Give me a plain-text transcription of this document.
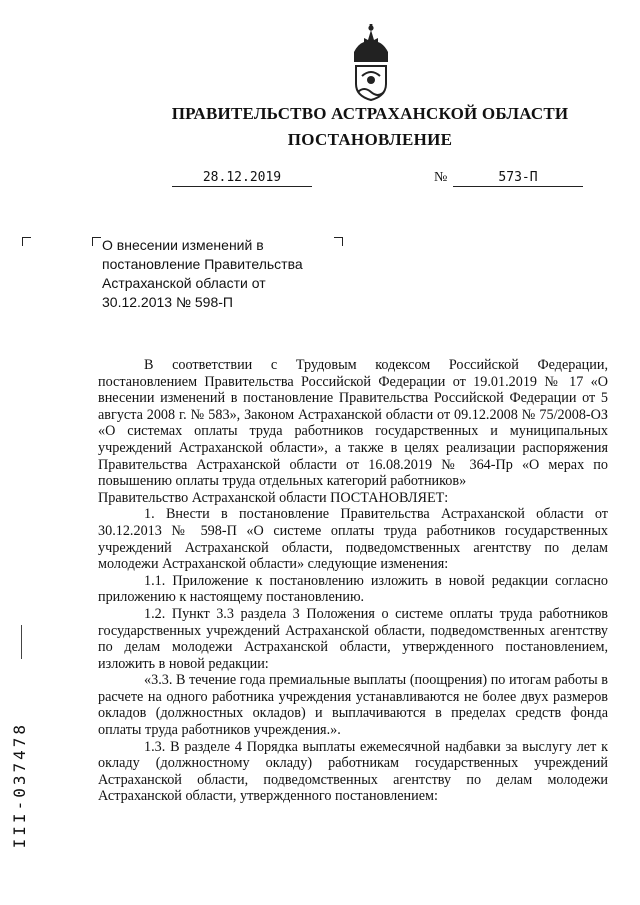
ПРАВИТЕЛЬСТВО АСТРАХАНСКОЙ ОБЛАСТИ
ПОСТАНОВЛЕНИЕ
28.12.2019	№	573-П
О внесении изменений в постановление Правительства Астраханской области от 30.12.2013 № 598-П

В соответствии с Трудовым кодексом Российской Федерации, постановлением Правительства Российской Федерации от 19.01.2019 № 17 «О внесении изменений в постановление Правительства Российской Федерации от 5 августа 2008 г. № 583», Законом Астраханской области от 09.12.2008 № 75/2008-ОЗ «О системах оплаты труда работников государственных и муниципальных учреждений Астраханской области», а также в целях реализации распоряжения Правительства Астраханской области от 16.08.2019 № 364-Пр «О мерах по повышению оплаты труда отдельных категорий работников»

Правительство Астраханской области ПОСТАНОВЛЯЕТ:

1. Внести в постановление Правительства Астраханской области от 30.12.2013 № 598-П «О системе оплаты труда работников государственных учреждений Астраханской области, подведомственных агентству по делам молодежи Астраханской области» следующие изменения:

1.1. Приложение к постановлению изложить в новой редакции согласно приложению к настоящему постановлению.

1.2. Пункт 3.3 раздела 3 Положения о системе оплаты труда работников государственных учреждений Астраханской области, подведомственных агентству по делам молодежи Астраханской области, утвержденного постановлением, изложить в новой редакции:

«3.3. В течение года премиальные выплаты (поощрения) по итогам работы в расчете на одного работника учреждения устанавливаются не более двух размеров окладов (должностных окладов) и выплачиваются в пределах средств фонда оплаты труда работников учреждения.».

1.3. В разделе 4 Порядка выплаты ежемесячной надбавки за выслугу лет к окладу (должностному окладу) работникам государственных учреждений Астраханской области, подведомственных агентству по делам молодежи Астраханской области, утвержденного постановлением:

III-037478
